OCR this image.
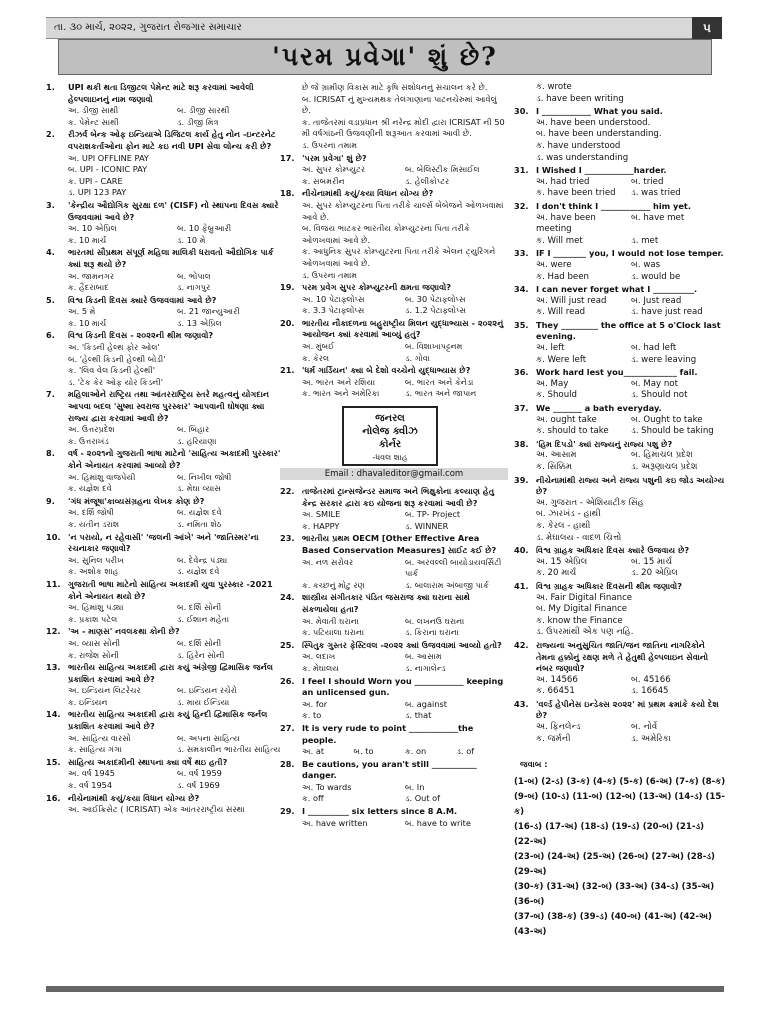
તા. ૩૦ માર્ચ, ૨૦૨૨, ગુજરાત રોજગાર સમાચાર	૫
'પરમ પ્રવેગા' શું છે?
1.	UPI થકી થતા ડિજીટલ પેમેન્ટ માટે શરૂ કરવામાં આવેલી હેલ્પલાઇનનું નામ જણાવો
અ. ડીજી સાથી	બ. ડીજી સારથી
ક. પેમેન્ટ સાથી	ડ. ડીજી મિત્ર
2.	રીઝર્વ બેન્ક ઓફ ઇન્ડિયાએ ડિજિટલ કાર્ય હેતુ નોન -ઇન્ટરનેટ વપરાશકર્તાઓના ફોન માટે કઇ નવી UPI સેવા લોન્ચ કરી છે?
અ. UPI OFFLINE PAY
બ. UPI - ICONIC PAY
ક. UPI - CARE
ડ. UPI 123 PAY
3.	'કેન્દ્રીય ઔદ્યોગિક સુરક્ષા દળ' (CISF) નો સ્થાપના દિવસ ક્યારે ઉજવવામાં આવે છે?
અ. 10 એપ્રિલ	બ. 10 ફેબ્રુઆરી
ક. 10 માર્ચ	ડ. 10 મે
4.	ભારતમાં સૌપ્રથમ સંપૂર્ણ મહિલા માલિકી ધરાવતો ઔદ્યોગિક પાર્ક ક્યાં શરૂ થયો છે?
અ. જામનગર	બ. ભોપાલ
ક. હૈદરાબાદ	ડ. નાગપુર
5.	વિશ્વ કિડની દિવસ ક્યારે ઉજવવામાં આવે છે?
અ. 5 મે	બ. 21 જાન્યુઆરી
ક. 10 માર્ચ	ડ. 13 એપ્રિલ
6.	વિશ્વ કિડની દિવસ - ૨૦૨૨ની થીમ જણાવો?
અ. 'કિડની હેલ્થ ફોર ઓલ'
બ. 'હેલ્થી કિડની હેલ્થી બોડી'
ક. 'લિવ વેલ કિડની હેલ્થી'
ડ. 'ટેક કેર ઓફ યોર કિડની'
7.	મહિલાઓને રાષ્ટ્રિય તથા આંતરરાષ્ટ્રિય સ્તરે મહત્વનું યોગદાન આપવા બદલ 'સુષ્મા સ્વરાજ પુરસ્કાર' આપવાની ઘોષણા ક્યા રાજ્ય દ્વારા કરવામાં આવી છે?
અ. ઉત્તરપ્રદેશ	બ. બિહાર
ક. ઉત્તરાખંડ	ડ. હરિયાણા
8.	વર્ષ - ૨૦૨૧નો ગુજરાતી ભાષા માટેનો 'સાહિત્ય અકાદમી પુરસ્કાર' કોને એનાયત કરવામાં આવ્યો છે?
અ. હિમાંશુ વાજપેયી	બ. નિખીલ જોષી
ક. યજ્ઞેશ દવે	ડ. મેઘા વ્યાસ
9.	'ગંધ મંજૂષા'કાવ્યસંગ્રહના લેખક કોણ છે?
અ. દર્શિ જોષી	બ. યજ્ઞેશ દવે
ક. યતીન ડરાશ	ડ. નમિતા શેઠ
10. 'ન પરાયો, ન રહેવાસી' 'જલની આંખે' અને 'જાતિસ્મર'ના રચનાકાર જણાવો?
અ. સુનિલ પરીખ	બ. દેવેન્દ્ર પંડ્યા
ક. અશોક શાહ	ડ. યજ્ઞેશ દવે
11. ગુજરાતી ભાષા માટેનો સાહિત્ય અકાદમી યુવા પુરસ્કાર -2021 કોને એનાયત થયો છે?
અ. હિમાંશુ પંડ્યા	બ. દર્શિ સોની
ક. પ્રકાશ પટેલ	ડ. ઈશાન મહેતા
12. 'અ - માણસ' નવલકથા કોની છે?
અ. વ્યાસ સોની	બ. દર્શિ સોની
ક. રાજેશ સોની	ડ. હિરેન સોની
13. ભારતીય સાહિત્ય અકાદમી દ્વારા કયું અંગ્રેજી દ્વિમાસિક જર્નલ પ્રકાશિત કરવામાં આવે છે?
અ. ઇન્ડિયન લિટરેચર	બ. ઇન્ડિયન રચેરો
ક. ઇન્ડિયન	ડ. માય ઈન્ડિયા
14. ભારતીય સાહિત્ય અકાદમી દ્વારા કયું હિન્દી દ્વિમાસિક જર્નલ પ્રકાશિત કરવામાં આવે છે?
અ. સાહિત્ય વારસો	બ. અપના સાહિત્ય
ક. સાહિત્ય ગંગા	ડ. સમકાલીન ભારતીય સાહિત્ય
15. સાહિત્ય અકાદમીની સ્થાપના ક્યા વર્ષે થઇ હતી?
અ. વર્ષ 1945	બ. વર્ષ 1959
ક. વર્ષ 1954	ડ. વર્ષ 1969
16. નીચેનામાંથી કયું/કયા વિધાન યોગ્ય છે?
અ. આઈક્રિસેટ ( ICRISAT) એક આંતરરાષ્ટ્રીય સંસ્થા
છે જે ગ્રામીણ વિકાસ માટે કૃષિ સંશોધનનું સંચાલન કરે છે.
બ. ICRISAT નું મુખ્યમથક તેલંગાણાના પાટનચેરુમાં આવેલું છે.
ક. તાજેતરમાં વડાપ્રધાન શ્રી નરેન્દ્ર મોદી દ્વારા ICRISAT ની 50 મી વર્ષગાંઠની ઉજવણીની શરૂઆત કરવામાં આવી છે.
ડ. ઉપરના તમામ
17. 'પરમ પ્રવેગા' શું છે?
અ. સુપર કોમ્પ્યુટર	બ. બેલિસ્ટીક મિસાઈલ
ક. સબમરીન	ડ. હેલીકોપ્ટર
18. નીચેનામાંથી કયું/કયા વિધાન યોગ્ય છે?
અ. સુપર કોમ્પ્યુટરના પિતા તરીકે ચાર્લ્સ બેબેજને ઓળખવામાં આવે છે.
બ. વિજય ભાટકર ભારતીય કોમ્પ્યુટરના પિતા તરીકે ઓળખવામાં આવે છે.
ક. આધુનિક સુપર કોમ્પ્યુટરના પિતા તરીકે એલન ટ્યુરિંગને ઓળખવામાં આવે છે.
ડ. ઉપરના તમામ
19. પરમ પ્રવેગ સુપર કોમ્પ્યુટરની ક્ષમતા જણાવો?
અ. 10 પેટાફ્લોપ્સ	બ. 30 પેટાફ્લોપ્સ
ક. 3.3 પેટાફ્લોપ્સ	ડ. 1.2 પેટાફ્લોપ્સ
20. ભારતીય નૌકાદળના બહુરાષ્ટ્રીય મિલન યુદ્ધાભ્યાસ - ૨૦૨૨નું આયોજન ક્યાં કરવામાં આવ્યું હતું?
અ. મુંબઈ	બ. વિશાખાપટ્ટનમ
ક. કેરલ	ડ. ગોવા
21. 'ધર્મ ગાર્ડિયન' ક્યા બે દેશો વચ્ચેનો યુદ્ધાભ્યાસ છે?
અ. ભારત અને રશિયા	બ. ભારત અને કેનેડા
ક. ભારત અને અમેરિકા	ડ. ભારત અને જાપાન
જનરલ
નોલેજ ક્વીઝ
કોર્નર
-ધવલ શાહ
Email : dhavaleditor@gmail.com
22. તાજેતરમાં ટ્રાન્સજેન્ડર સમાજ અને ભિક્ષુકોના કલ્યાણ હેતુ કેન્દ્ર સરકાર દ્વારા કઇ યોજના શરૂ કરવામાં આવી છે?
અ. SMILE	બ. TP- Project
ક. HAPPY	ડ. WINNER
23. ભારતીય પ્રથમ OECM [Other Effective Area Based Conservation Measures] સાઈટ કઈ છે?
અ. નળ સરોવર	બ. અરવલ્લી બાયોડાયવર્સિટી પાર્ક
ક. કચ્છનું મોટુ રણ	ડ. બાલારામ અંબાજી પાર્ક
24. શાસ્ત્રીય સંગીતકાર પંડિત જસરાજ ક્યા ઘરાના સાથે સંકળાયેલા હતા?
અ. મેવાતી ઘરાના	બ. લખનઉ ઘરાના
ક. પટિયાલા ઘરાના	ડ. કિરાના ઘરાના
25. સ્પિતુક ગુસ્તર ફેસ્ટિવલ -૨૦૨૨ ક્યાં ઉજવવામાં આવ્યો હતો?
અ. લદાખ	બ. આસામ
ક. મેઘાલય	ડ. નાગાલેન્ડ
26. I feel I should Worn you ____________ keeping an unlicensed gun.
અ. for	બ. against
ક. to	ડ. that
27. It is very rude to point ____________the people.
અ. at	બ. to	ક. on	ડ. of
28. Be cautions, you aran't still ___________ danger.
અ. To wards	બ. In
ક. off	ડ. Out of
29. I __________ six letters since 8 A.M.
અ. have written	બ. have to write
ક. wrote
ડ. have been writing
30. I ____________ What you said.
અ. have been understood.
બ. have been understanding.
ક. have understood
ડ. was understanding
31. I Wished I ____________harder.
અ. had tried	બ. tried
ક. have been tried	ડ. was tried
32. I don't think I ____________ him yet.
અ. have been meeting
બ. have met
ક. Will met	ડ. met
33. IF I ________ you, I would not lose temper.
અ. were	બ. was
ક. Had been	ડ. would be
34. I can never forget what I __________.
અ. Will just read	બ. Just read
ક. Will read	ડ. have just read
35. They _________ the office at 5 o'Clock last evening.
અ. left	બ. had left
ક. Were left	ડ. were leaving
36. Work hard lest you_____________ fail.
અ. May	બ. May not
ક. Should	ડ. Should not
37. We _______ a bath everyday.
અ. ought take	બ. Ought to take
ક. should to take	ડ. Should be taking
38. 'હિમ દિપડો' ક્યાં રાજ્યનું રાજ્ય પશુ છે?
અ. આસામ	બ. હિમાચલ પ્રદેશ
ક. સિક્કિમ	ડ. અરૂણાચલ પ્રદેશ
39. નીચેનામાંથી રાજ્ય અને રાજ્ય પશુની કઇ જોડ અયોગ્ય છે?
અ. ગુજરાત - એશિયાટીક સિંહ
બ. ઝારખંડ - હાથી
ક. કેરલ - હાથી
ડ. મેઘાલય - વાદળ ચિત્તો
40. વિશ્વ ગ્રાહક અધિકાર દિવસ ક્યારે ઉજવાય છે?
અ. 15 એપ્રિલ	બ. 15 માર્ચ
ક. 20 માર્ચ	ડ. 20 એપ્રિલ
41. વિશ્વ ગ્રાહક અધિકાર દિવસની થીમ જણાવો?
અ. Fair Digital Finance
બ. My Digital Finance
ક. know the Finance
ડ. ઉપરમાંથી એક પણ નહિ.
42. રાજ્યના અનુસુચિત જાતિ/જન જાતિના નાગરિકોને તેમના હક્કોનું રક્ષણ મળે તે હેતુથી હેલ્પલાઇન સેવાનો નંબર જણાવો?
અ. 14566	બ. 45166
ક. 66451	ડ. 16645
43. 'વર્લ્ડ હેપીનેસ ઇન્ડેક્સ ૨૦૨૨' માં પ્રથમ ક્રમાંકે કયો દેશ છે?
અ. ફિનલેન્ડ	બ. નોર્વે
ક. જર્મની	ડ. અમેરિકા
જવાબ :
(1-બ) (2-ડ) (3-ક) (4-ક) (5-ક) (6-અ) (7-ક) (8-ક)
(9-બ) (10-ડ) (11-બ) (12-બ) (13-અ) (14-ડ) (15-ક)
(16-ડ) (17-અ) (18-ડ) (19-ડ) (20-બ) (21-ડ) (22-અ)
(23-બ) (24-અ) (25-અ) (26-બ) (27-અ) (28-ડ) (29-અ)
(30-ક) (31-અ) (32-બ) (33-અ) (34-ડ) (35-અ) (36-બ)
(37-બ) (38-ક) (39-ડ) (40-બ) (41-અ) (42-અ) (43-અ)
